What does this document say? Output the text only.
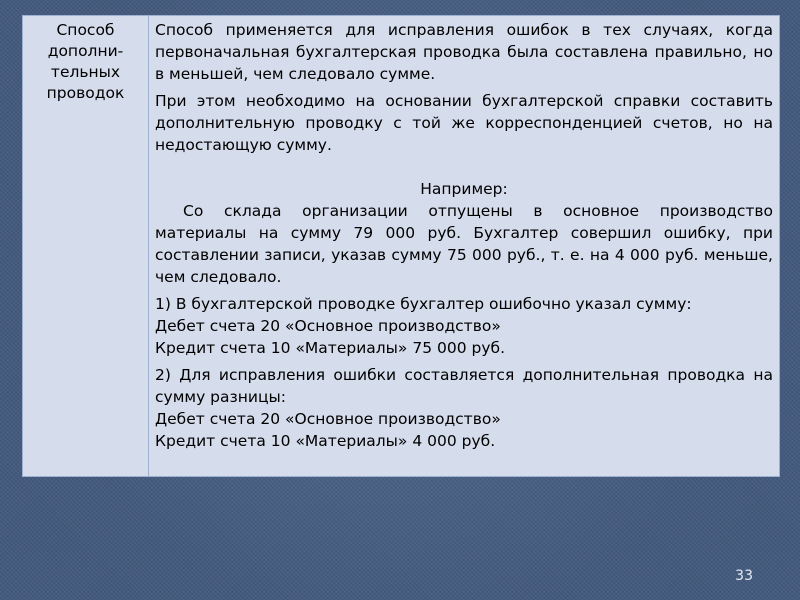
Способ
дополни-
тельных
проводок

Способ применяется для исправления ошибок в тех случаях, когда первоначальная бухгалтерская проводка была составлена правильно, но в меньшей, чем следовало сумме.

При этом необходимо на основании бухгалтерской справки составить дополнительную проводку с той же корреспонденцией счетов, но на недостающую сумму.

Например:

Со склада организации отпущены в основное производство материалы на сумму 79 000 руб. Бухгалтер совершил ошибку, при составлении записи, указав сумму 75 000 руб., т. е. на 4 000 руб. меньше, чем следовало.

1) В бухгалтерской проводке бухгалтер ошибочно указал сумму:

Дебет счета 20 «Основное производство»

Кредит счета 10 «Материалы» 75 000 руб.

2) Для исправления ошибки составляется дополнительная проводка на сумму разницы:

Дебет счета 20 «Основное производство»

Кредит счета 10 «Материалы» 4 000 руб.

33
